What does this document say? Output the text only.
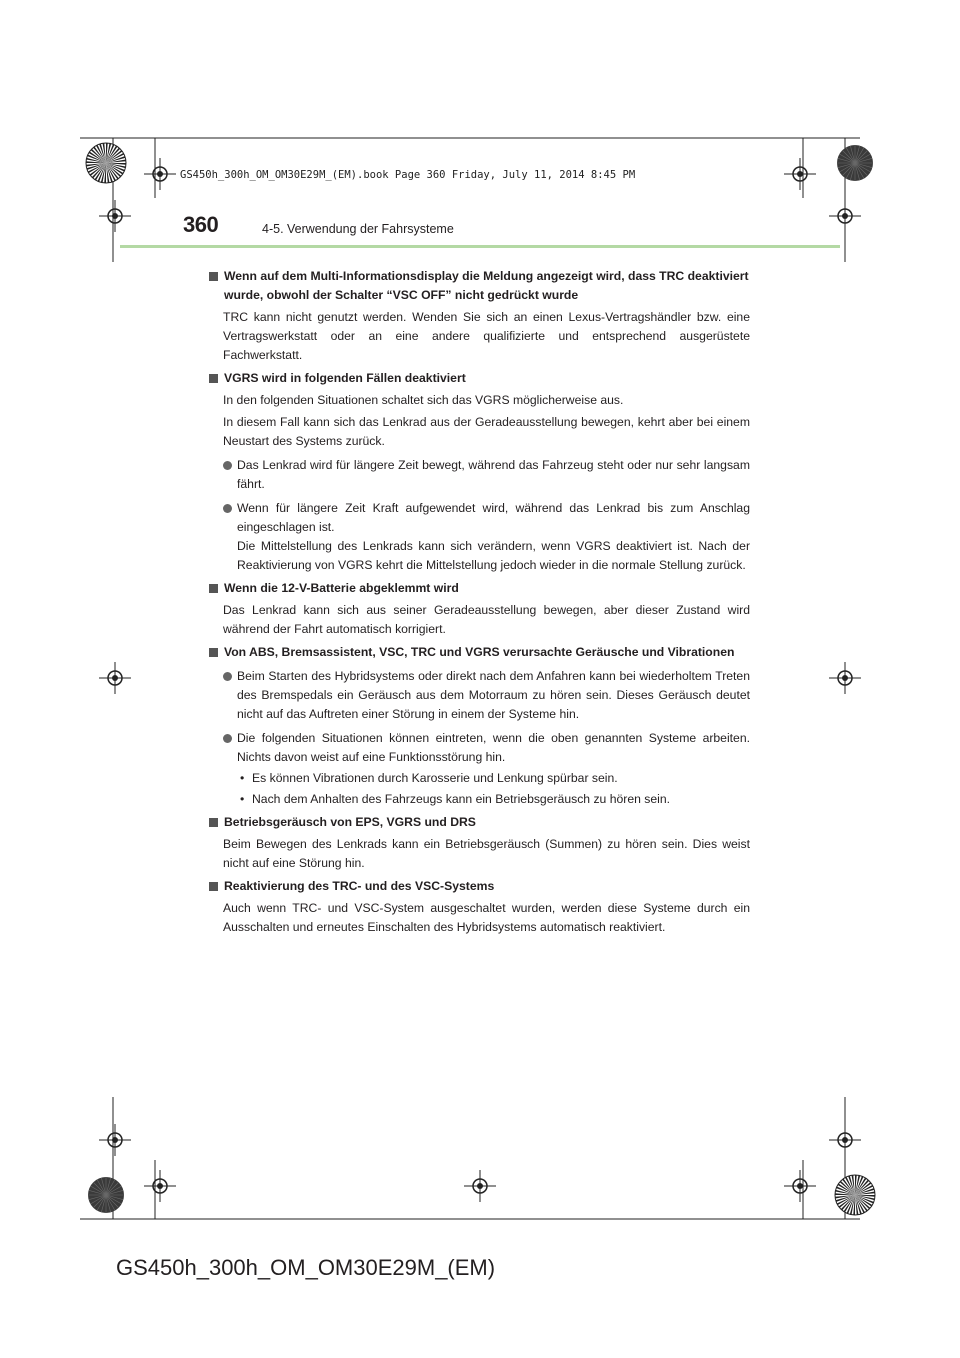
GS450h_300h_OM_OM30E29M_(EM).book Page 360 Friday, July 11, 2014 8:45 PM
360	4-5. Verwendung der Fahrsysteme
Wenn auf dem Multi-Informationsdisplay die Meldung angezeigt wird, dass TRC deaktiviert wurde, obwohl der Schalter “VSC OFF” nicht gedrückt wurde
TRC kann nicht genutzt werden. Wenden Sie sich an einen Lexus-Vertragshändler bzw. eine Vertragswerkstatt oder an eine andere qualifizierte und entsprechend ausgerüstete Fachwerkstatt.
VGRS wird in folgenden Fällen deaktiviert
In den folgenden Situationen schaltet sich das VGRS möglicherweise aus.
In diesem Fall kann sich das Lenkrad aus der Geradeausstellung bewegen, kehrt aber bei einem Neustart des Systems zurück.
Das Lenkrad wird für längere Zeit bewegt, während das Fahrzeug steht oder nur sehr langsam fährt.
Wenn für längere Zeit Kraft aufgewendet wird, während das Lenkrad bis zum Anschlag eingeschlagen ist.
Die Mittelstellung des Lenkrads kann sich verändern, wenn VGRS deaktiviert ist. Nach der Reaktivierung von VGRS kehrt die Mittelstellung jedoch wieder in die normale Stellung zurück.
Wenn die 12-V-Batterie abgeklemmt wird
Das Lenkrad kann sich aus seiner Geradeausstellung bewegen, aber dieser Zustand wird während der Fahrt automatisch korrigiert.
Von ABS, Bremsassistent, VSC, TRC und VGRS verursachte Geräusche und Vibrationen
Beim Starten des Hybridsystems oder direkt nach dem Anfahren kann bei wiederholtem Treten des Bremspedals ein Geräusch aus dem Motorraum zu hören sein. Dieses Geräusch deutet nicht auf das Auftreten einer Störung in einem der Systeme hin.
Die folgenden Situationen können eintreten, wenn die oben genannten Systeme arbeiten. Nichts davon weist auf eine Funktionsstörung hin.
• Es können Vibrationen durch Karosserie und Lenkung spürbar sein.
• Nach dem Anhalten des Fahrzeugs kann ein Betriebsgeräusch zu hören sein.
Betriebsgeräusch von EPS, VGRS und DRS
Beim Bewegen des Lenkrads kann ein Betriebsgeräusch (Summen) zu hören sein. Dies weist nicht auf eine Störung hin.
Reaktivierung des TRC- und des VSC-Systems
Auch wenn TRC- und VSC-System ausgeschaltet wurden, werden diese Systeme durch ein Ausschalten und erneutes Einschalten des Hybridsystems automatisch reaktiviert.
GS450h_300h_OM_OM30E29M_(EM)
